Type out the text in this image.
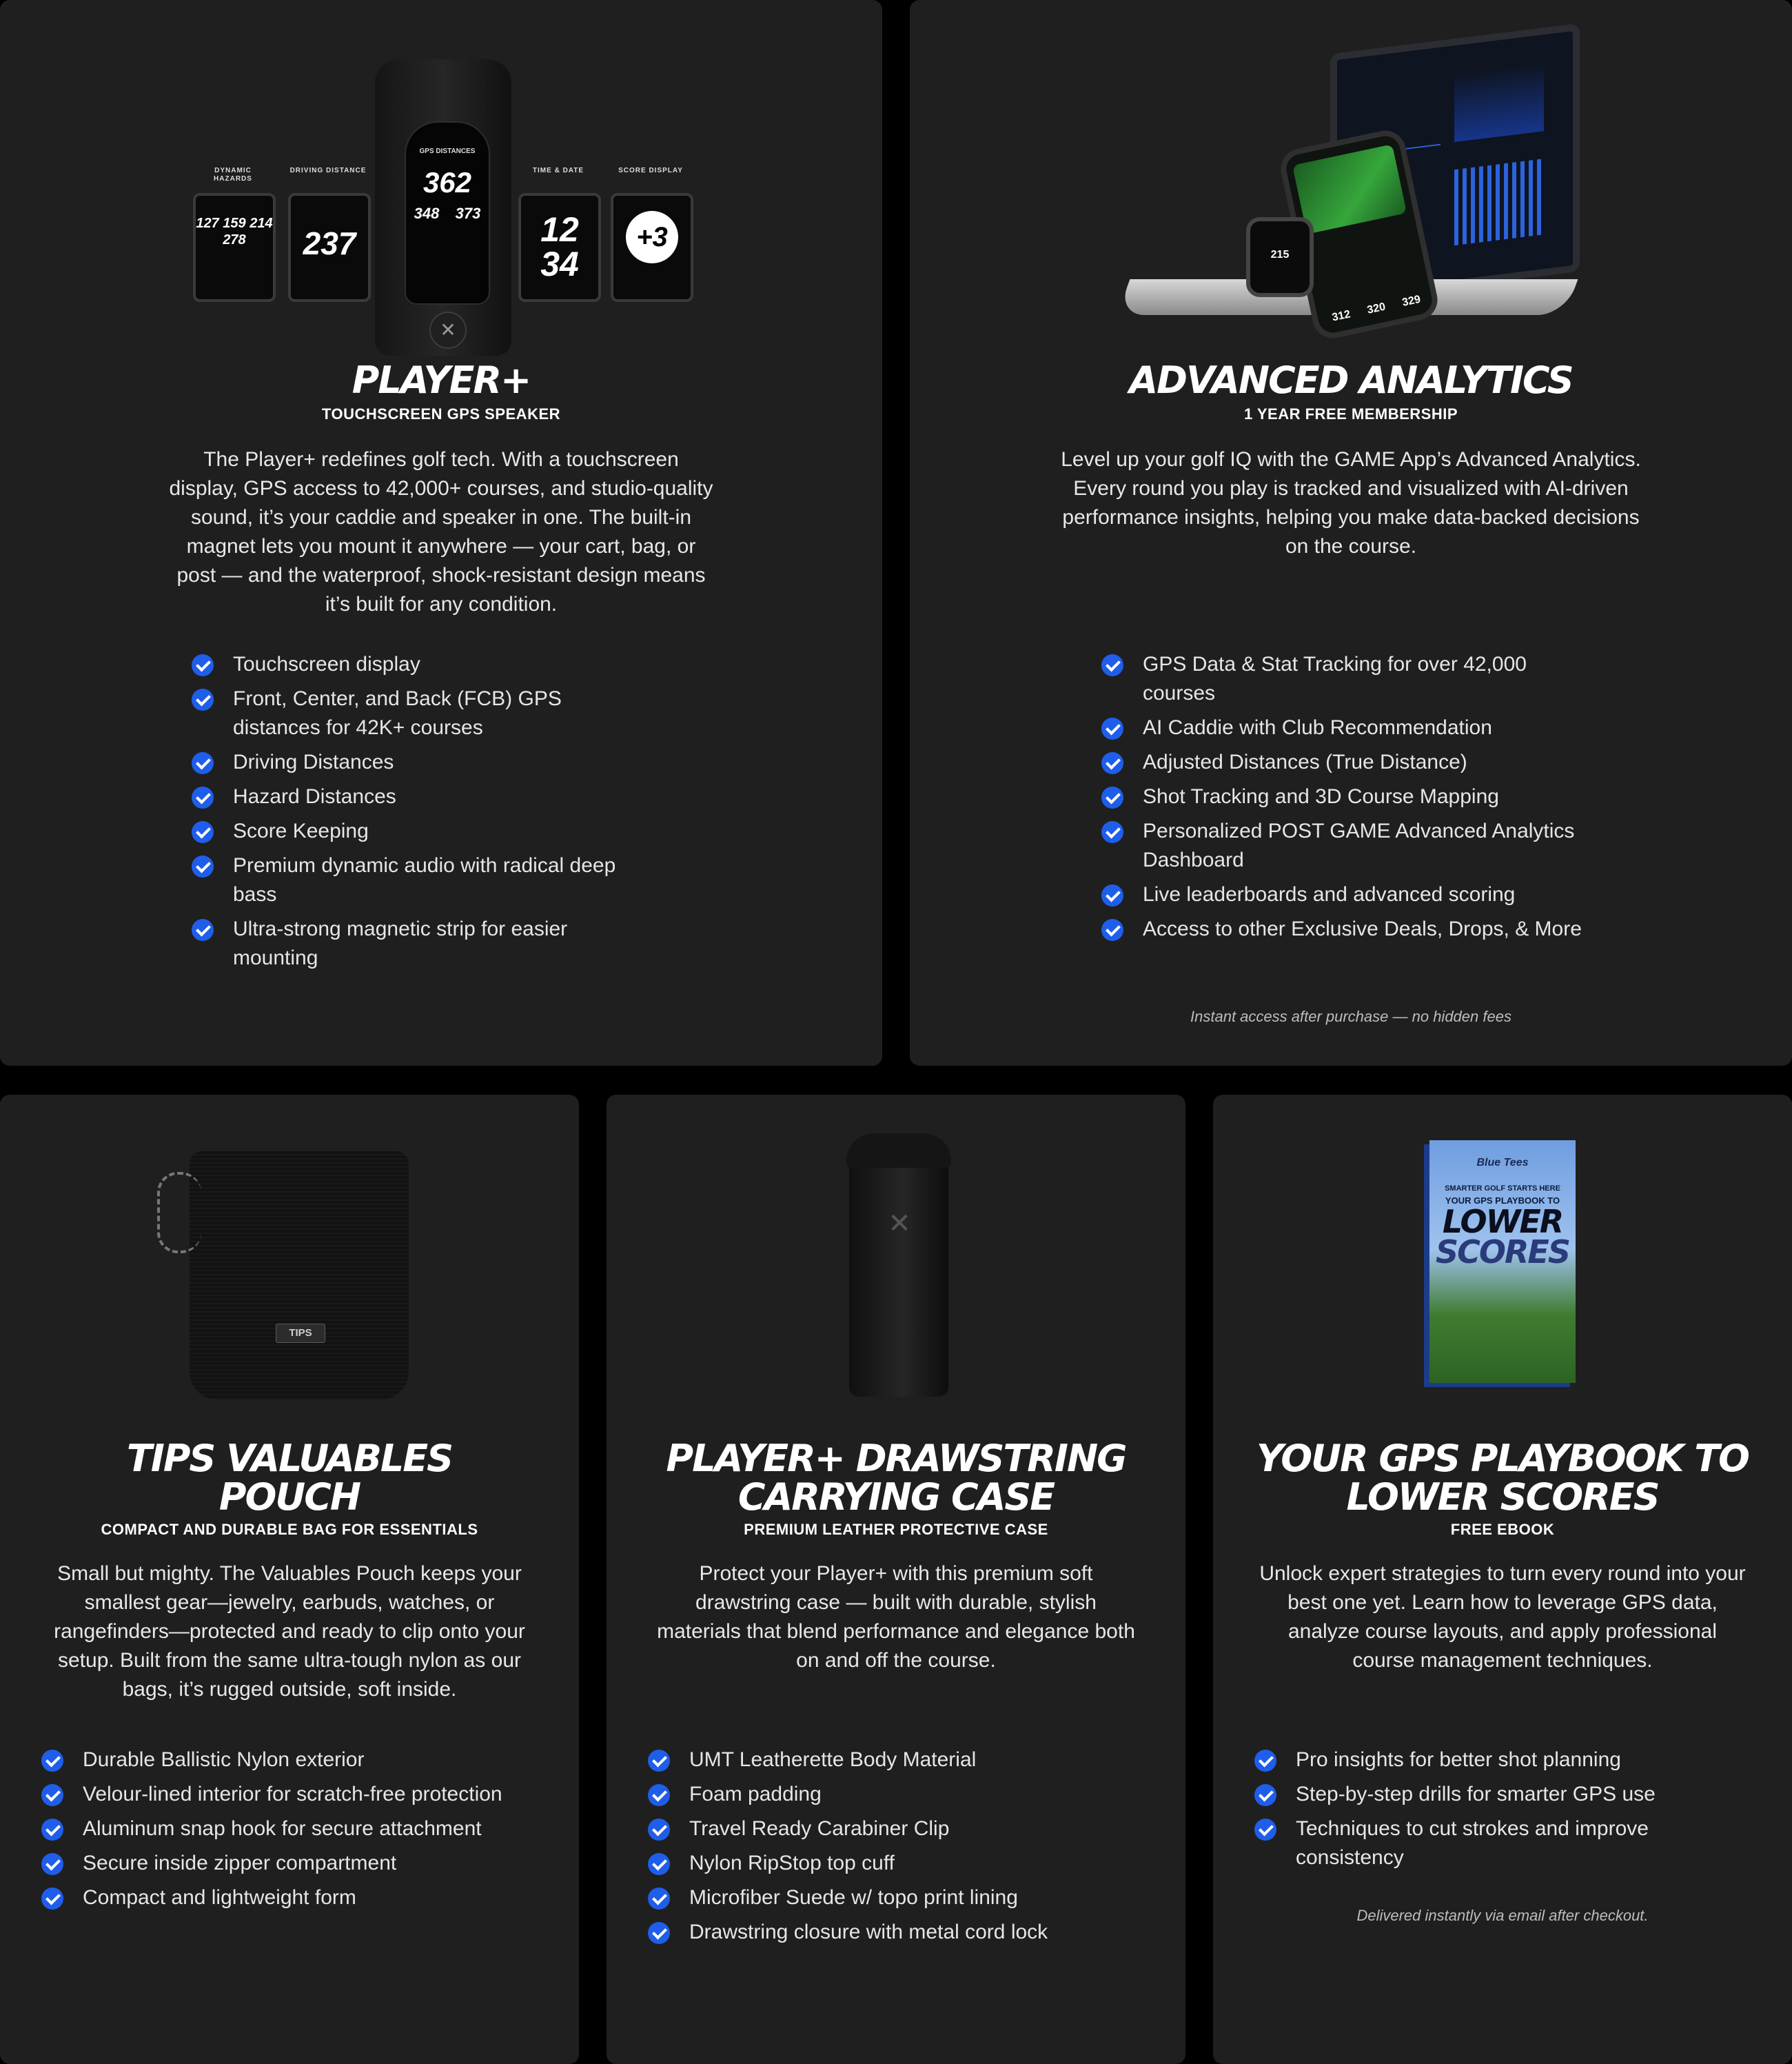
DYNAMIC HAZARDS
127 159 214 278
DRIVING DISTANCE
237
GPS DISTANCES
362
348 373
✕
TIME & DATE
12
34
SCORE DISPLAY
+3
PLAYER+
TOUCHSCREEN GPS SPEAKER
The Player+ redefines golf tech. With a touchscreen display, GPS access to 42,000+ courses, and studio-quality sound, it’s your caddie and speaker in one. The built-in magnet lets you mount it anywhere — your cart, bag, or post — and the waterproof, shock-resistant design means it’s built for any condition.
Touchscreen display
Front, Center, and Back (FCB) GPS distances for 42K+ courses
Driving Distances
Hazard Distances
Score Keeping
Premium dynamic audio with radical deep bass
Ultra-strong magnetic strip for easier mounting
312 320 329
215
ADVANCED ANALYTICS
1 YEAR FREE MEMBERSHIP
Level up your golf IQ with the GAME App’s Advanced Analytics. Every round you play is tracked and visualized with AI-driven performance insights, helping you make data-backed decisions on the course.
GPS Data & Stat Tracking for over 42,000 courses
AI Caddie with Club Recommendation
Adjusted Distances (True Distance)
Shot Tracking and 3D Course Mapping
Personalized POST GAME Advanced Analytics Dashboard
Live leaderboards and advanced scoring
Access to other Exclusive Deals, Drops, & More
Instant access after purchase — no hidden fees
TIPS
TIPS VALUABLES
POUCH
COMPACT AND DURABLE BAG FOR ESSENTIALS
Small but mighty. The Valuables Pouch keeps your smallest gear—jewelry, earbuds, watches, or rangefinders—protected and ready to clip onto your setup. Built from the same ultra-tough nylon as our bags, it’s rugged outside, soft inside.
Durable Ballistic Nylon exterior
Velour-lined interior for scratch-free protection
Aluminum snap hook for secure attachment
Secure inside zipper compartment
Compact and lightweight form
✕
PLAYER+ DRAWSTRING
CARRYING CASE
PREMIUM LEATHER PROTECTIVE CASE
Protect your Player+ with this premium soft drawstring case — built with durable, stylish materials that blend performance and elegance both on and off the course.
UMT Leatherette Body Material
Foam padding
Travel Ready Carabiner Clip
Nylon RipStop top cuff
Microfiber Suede w/ topo print lining
Drawstring closure with metal cord lock
Blue Tees
SMARTER GOLF STARTS HERE
YOUR GPS PLAYBOOK TO
LOWER
SCORES
YOUR GPS PLAYBOOK TO
LOWER SCORES
FREE EBOOK
Unlock expert strategies to turn every round into your best one yet. Learn how to leverage GPS data, analyze course layouts, and apply professional course management techniques.
Pro insights for better shot planning
Step-by-step drills for smarter GPS use
Techniques to cut strokes and improve consistency
Delivered instantly via email after checkout.
